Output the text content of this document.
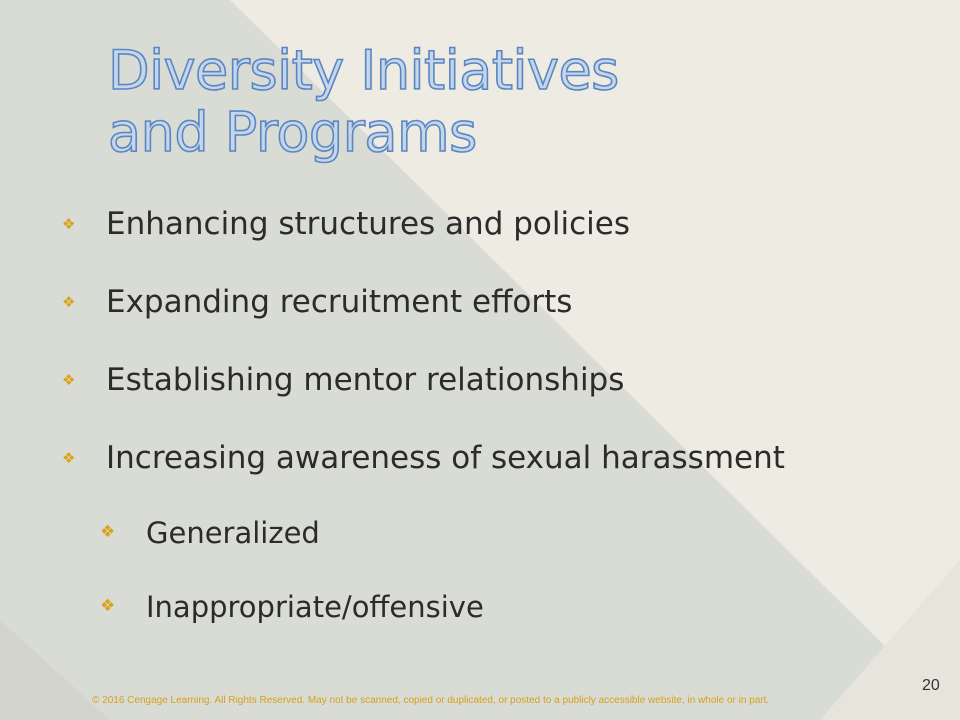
Diversity Initiatives
and Programs
❖ Enhancing structures and policies
❖ Expanding recruitment efforts
❖ Establishing mentor relationships
❖ Increasing awareness of sexual harassment
❖ Generalized
❖ Inappropriate/offensive
© 2016 Cengage Learning. All Rights Reserved. May not be scanned, copied or duplicated, or posted to a publicly accessible website, in whole or in part.
20
